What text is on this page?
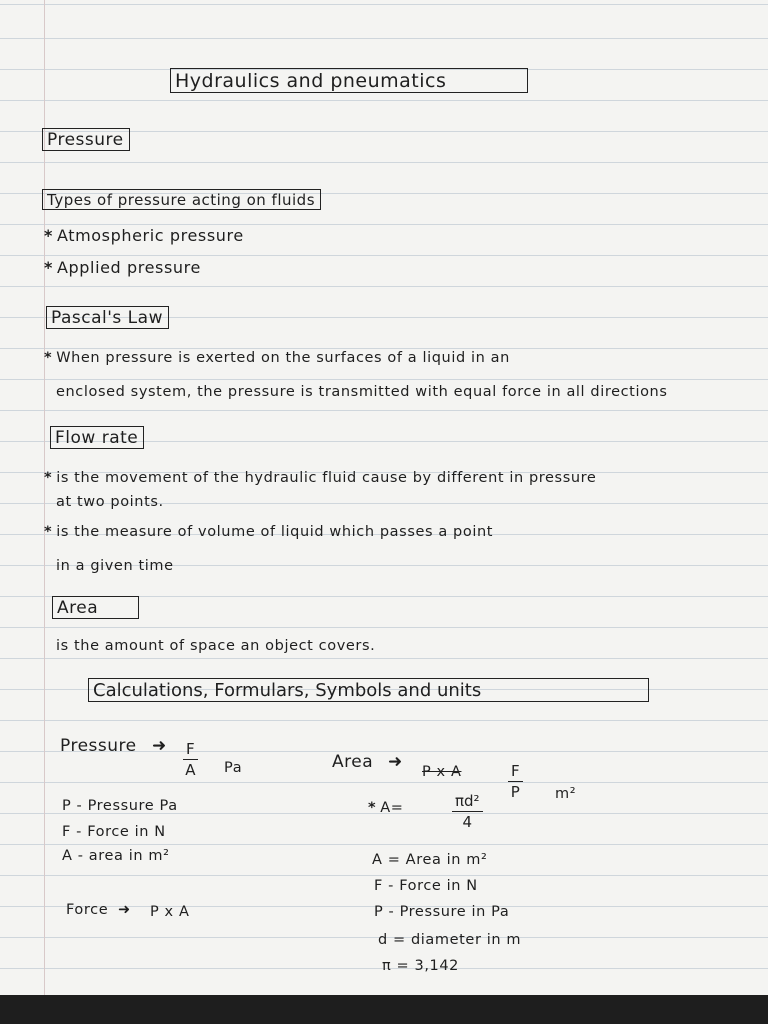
Hydraulics and pneumatics
Pressure
Types of pressure acting on fluids
* Atmospheric pressure
* Applied pressure
Pascal's Law
* When pressure is exerted on the surfaces of a liquid in an
enclosed system, the pressure is transmitted with equal force in all directions
Flow rate
* is the movement of the hydraulic fluid cause by different in pressure
at two points.
* is the measure of volume of liquid which passes a point
in a given time
Area
is the amount of space an object covers.
Calculations, Formulars, Symbols and units
Pressure ➜ $\frac{F}{A}$ Pa	Area ➜ P x A	$\frac{F}{P} m^2$
* A=	$\frac{\text{πd²}}{4}$
P - Pressure Pa
F - Force in N
A - area in m²
Force ➜ P x A
A = Area in m²
F - Force in N
P - Pressure in Pa
d = diameter in m
π = 3,142
